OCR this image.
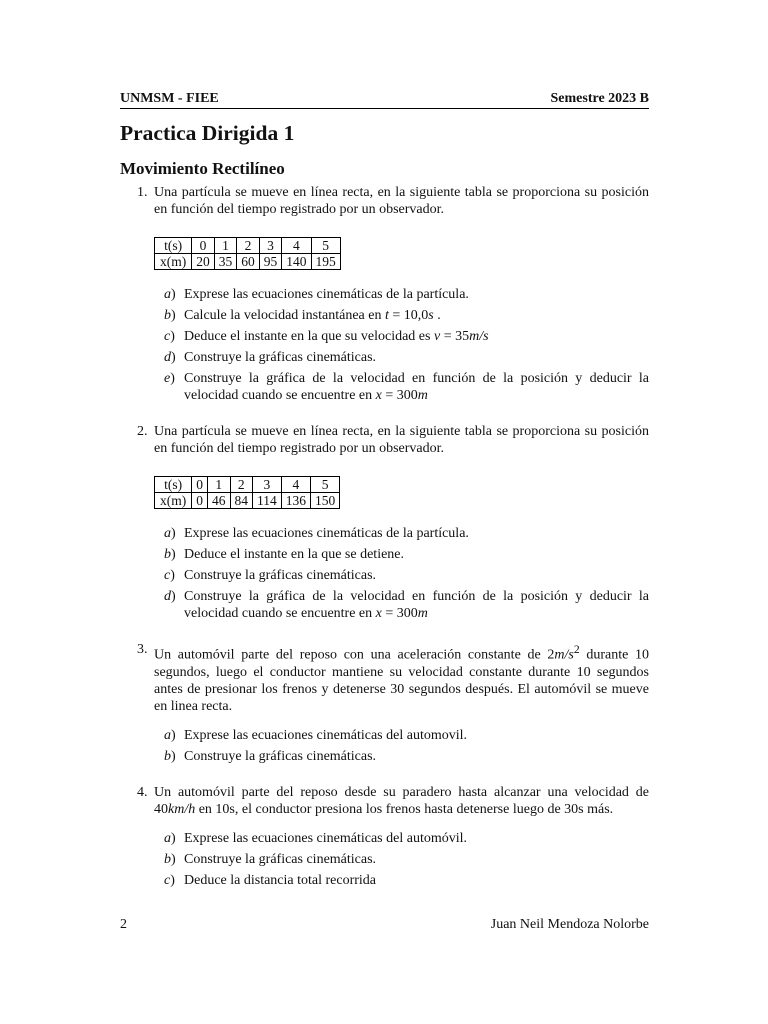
UNMSM - FIEE	Semestre 2023 B
Practica Dirigida 1
Movimiento Rectilíneo
1. Una partícula se mueve en línea recta, en la siguiente tabla se proporciona su posición en función del tiempo registrado por un observador.
t(s)	0	1	2	3	4	5
x(m)	20	35	60	95	140	195
a) Exprese las ecuaciones cinemáticas de la partícula.
b) Calcule la velocidad instantánea en t = 10,0s .
c) Deduce el instante en la que su velocidad es v = 35m/s
d) Construye la gráficas cinemáticas.
e) Construye la gráfica de la velocidad en función de la posición y deducir la velocidad cuando se encuentre en x = 300m
2. Una partícula se mueve en línea recta, en la siguiente tabla se proporciona su posición en función del tiempo registrado por un observador.
t(s)	0	1	2	3	4	5
x(m)	0	46	84	114	136	150
a) Exprese las ecuaciones cinemáticas de la partícula.
b) Deduce el instante en la que se detiene.
c) Construye la gráficas cinemáticas.
d) Construye la gráfica de la velocidad en función de la posición y deducir la velocidad cuando se encuentre en x = 300m
3. Un automóvil parte del reposo con una aceleración constante de $2m/s^2$ durante 10 segundos, luego el conductor mantiene su velocidad constante durante 10 segundos antes de presionar los frenos y detenerse 30 segundos después. El automóvil se mueve en linea recta.
a) Exprese las ecuaciones cinemáticas del automovil.
b) Construye la gráficas cinemáticas.
4. Un automóvil parte del reposo desde su paradero hasta alcanzar una velocidad de 40km/h en 10s, el conductor presiona los frenos hasta detenerse luego de 30s más.
a) Exprese las ecuaciones cinemáticas del automóvil.
b) Construye la gráficas cinemáticas.
c) Deduce la distancia total recorrida
2	Juan Neil Mendoza Nolorbe
